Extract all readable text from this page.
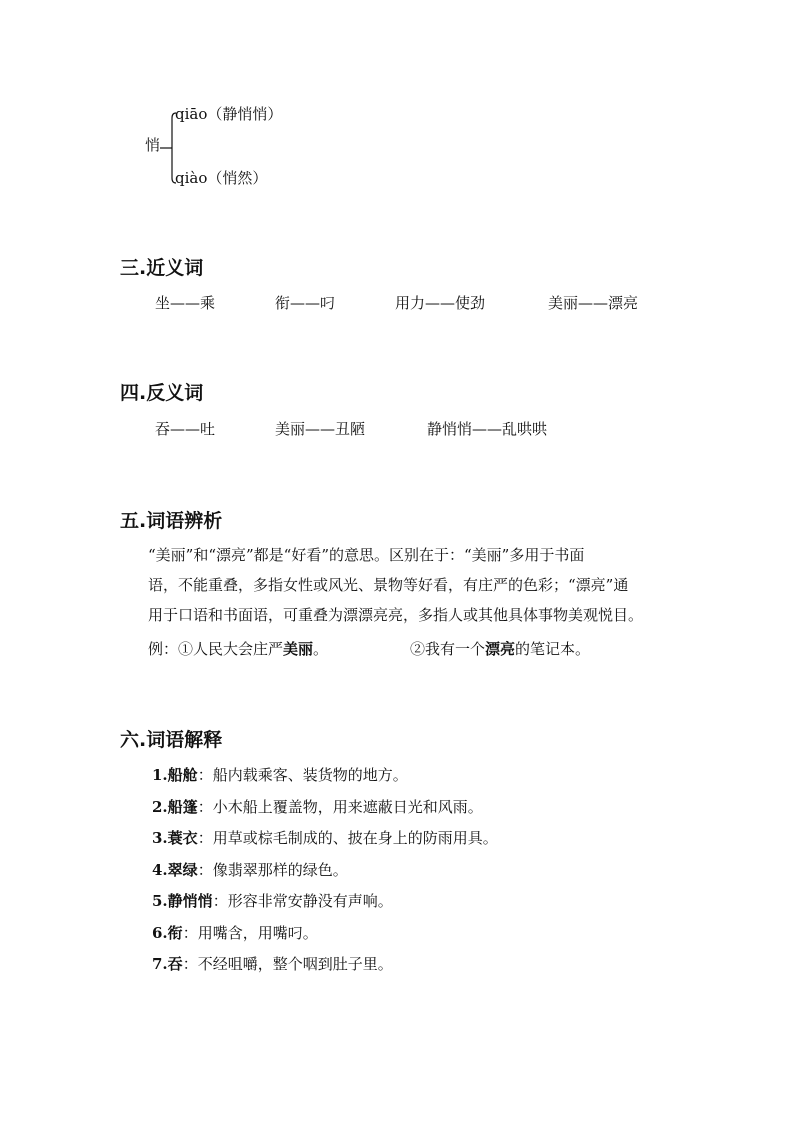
悄
qiāo（静悄悄）
qiào（悄然）
三.近义词
坐——乘	衔——叼	用力——使劲	美丽——漂亮
四.反义词
吞——吐	美丽——丑陋	静悄悄——乱哄哄
五.词语辨析

“美丽”和“漂亮”都是“好看”的意思。区别在于：“美丽”多用于书面

语，不能重叠，多指女性或风光、景物等好看，有庄严的色彩；“漂亮”通

用于口语和书面语，可重叠为漂漂亮亮，多指人或其他具体事物美观悦目。

例：①人民大会庄严美丽。	②我有一个漂亮的笔记本。
六.词语解释
1.船舱：船内载乘客、装货物的地方。
2.船篷：小木船上覆盖物，用来遮蔽日光和风雨。
3.蓑衣：用草或棕毛制成的、披在身上的防雨用具。
4.翠绿：像翡翠那样的绿色。
5.静悄悄：形容非常安静没有声响。
6.衔：用嘴含，用嘴叼。
7.吞：不经咀嚼，整个咽到肚子里。
